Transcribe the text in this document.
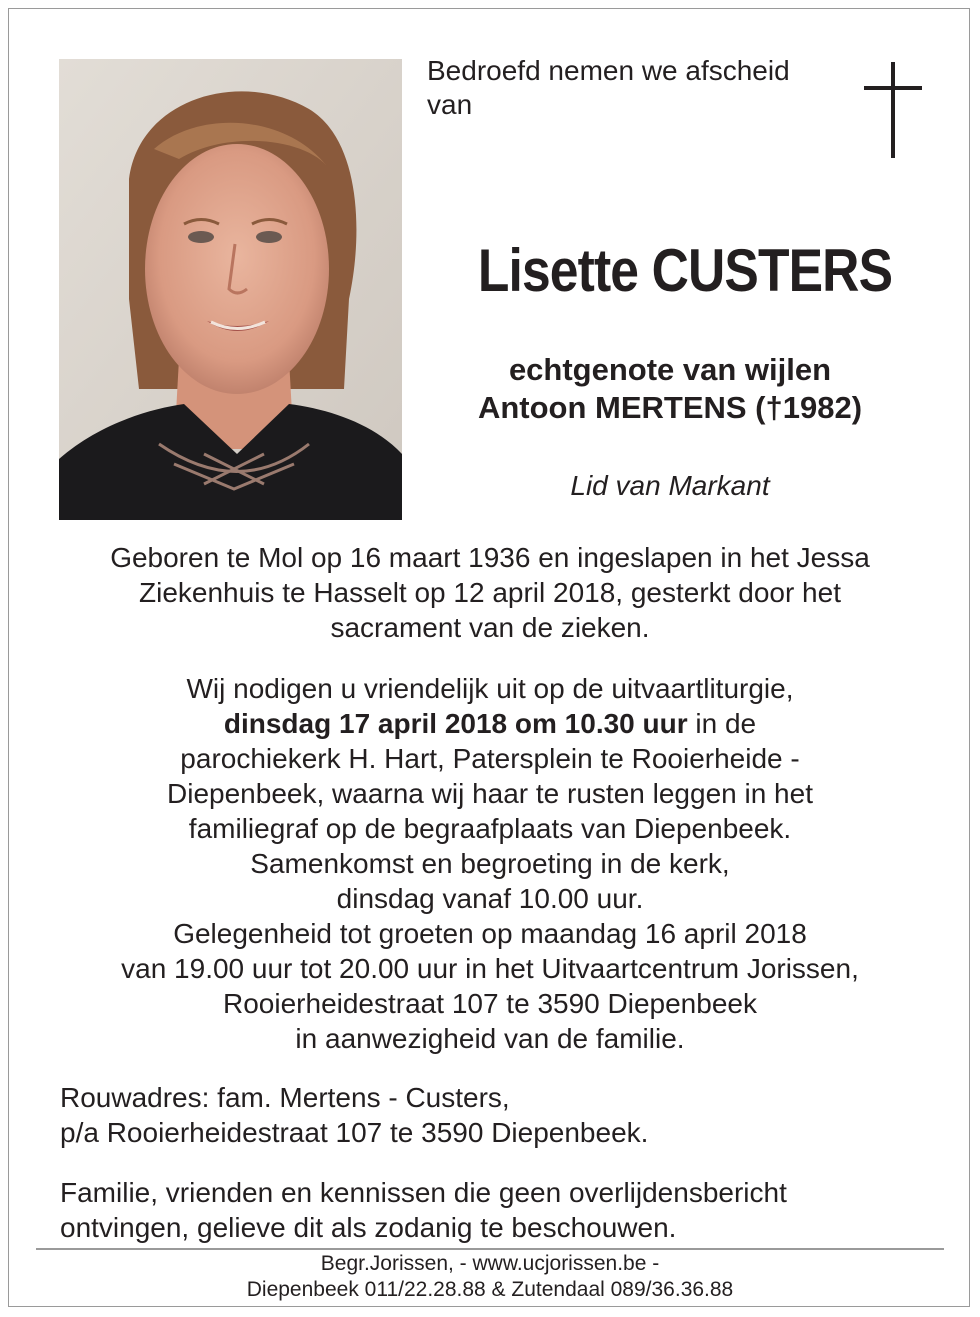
Bedroefd nemen we afscheid
van
Lisette CUSTERS
echtgenote van wijlen
Antoon MERTENS (†1982)
Lid van Markant
Geboren te Mol op 16 maart 1936 en ingeslapen in het Jessa
Ziekenhuis te Hasselt op 12 april 2018, gesterkt door het
sacrament van de zieken.
Wij nodigen u vriendelijk uit op de uitvaartliturgie,
dinsdag 17 april 2018 om 10.30 uur in de
parochiekerk H. Hart, Patersplein te Rooierheide -
Diepenbeek, waarna wij haar te rusten leggen in het
familiegraf op de begraafplaats van Diepenbeek.
Samenkomst en begroeting in de kerk,
dinsdag vanaf 10.00 uur.
Gelegenheid tot groeten op maandag 16 april 2018
van 19.00 uur tot 20.00 uur in het Uitvaartcentrum Jorissen,
Rooierheidestraat 107 te 3590 Diepenbeek
in aanwezigheid van de familie.
Rouwadres: fam. Mertens - Custers,
p/a Rooierheidestraat 107 te 3590 Diepenbeek.
Familie, vrienden en kennissen die geen overlijdensbericht
ontvingen, gelieve dit als zodanig te beschouwen.
Begr.Jorissen, - www.ucjorissen.be -
Diepenbeek 011/22.28.88 & Zutendaal 089/36.36.88
